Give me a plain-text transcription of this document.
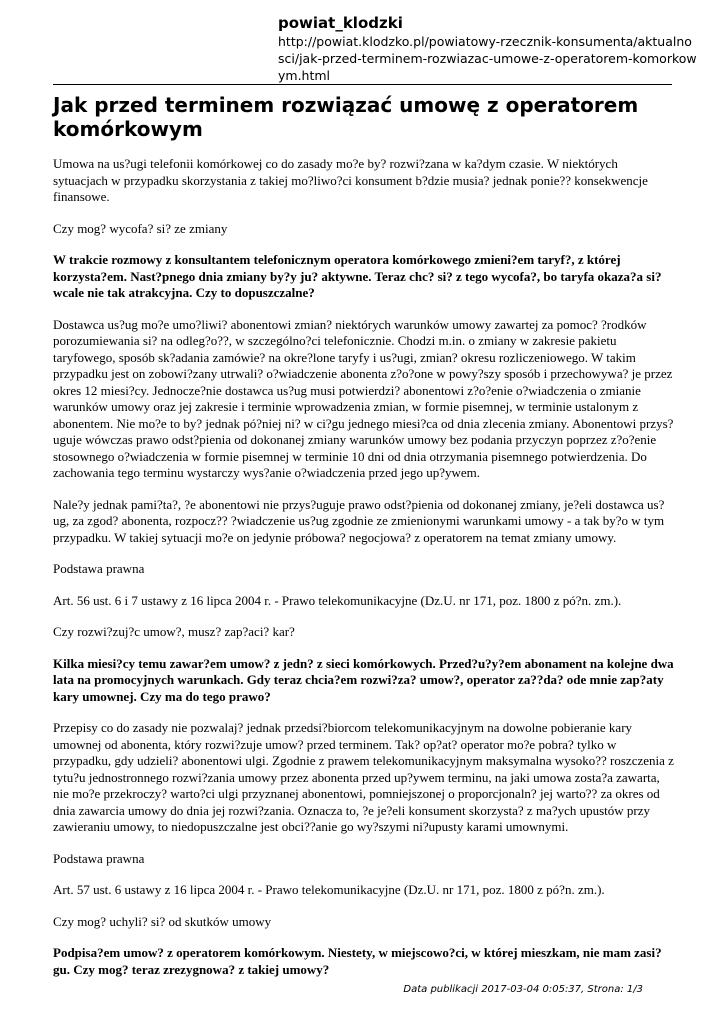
powiat_klodzki
http://powiat.klodzko.pl/powiatowy-rzecznik-konsumenta/aktualnosci/jak-przed-terminem-rozwiazac-umowe-z-operatorem-komorkowym.html
Jak przed terminem rozwiązać umowę z operatorem komórkowym

Umowa na us?ugi telefonii komórkowej co do zasady mo?e by? rozwi?zana w ka?dym czasie. W niektórych sytuacjach w przypadku skorzystania z takiej mo?liwo?ci konsument b?dzie musia? jednak ponie?? konsekwencje finansowe.

Czy mog? wycofa? si? ze zmiany

W trakcie rozmowy z konsultantem telefonicznym operatora komórkowego zmieni?em taryf?, z której korzysta?em. Nast?pnego dnia zmiany by?y ju? aktywne. Teraz chc? si? z tego wycofa?, bo taryfa okaza?a si? wcale nie tak atrakcyjna. Czy to dopuszczalne?

Dostawca us?ug mo?e umo?liwi? abonentowi zmian? niektórych warunków umowy zawartej za pomoc? ?rodków porozumiewania si? na odleg?o??, w szczególno?ci telefonicznie. Chodzi m.in. o zmiany w zakresie pakietu taryfowego, sposób sk?adania zamówie? na okre?lone taryfy i us?ugi, zmian? okresu rozliczeniowego. W takim przypadku jest on zobowi?zany utrwali? o?wiadczenie abonenta z?o?one w powy?szy sposób i przechowywa? je przez okres 12 miesi?cy. Jednocze?nie dostawca us?ug musi potwierdzi? abonentowi z?o?enie o?wiadczenia o zmianie warunków umowy oraz jej zakresie i terminie wprowadzenia zmian, w formie pisemnej, w terminie ustalonym z abonentem. Nie mo?e to by? jednak pó?niej ni? w ci?gu jednego miesi?ca od dnia zlecenia zmiany. Abonentowi przys?uguje wówczas prawo odst?pienia od dokonanej zmiany warunków umowy bez podania przyczyn poprzez z?o?enie stosownego o?wiadczenia w formie pisemnej w terminie 10 dni od dnia otrzymania pisemnego potwierdzenia. Do zachowania tego terminu wystarczy wys?anie o?wiadczenia przed jego up?ywem.

Nale?y jednak pami?ta?, ?e abonentowi nie przys?uguje prawo odst?pienia od dokonanej zmiany, je?eli dostawca us?ug, za zgod? abonenta, rozpocz?? ?wiadczenie us?ug zgodnie ze zmienionymi warunkami umowy - a tak by?o w tym przypadku. W takiej sytuacji mo?e on jedynie próbowa? negocjowa? z operatorem na temat zmiany umowy.

Podstawa prawna

Art. 56 ust. 6 i 7 ustawy z 16 lipca 2004 r. - Prawo telekomunikacyjne (Dz.U. nr 171, poz. 1800 z pó?n. zm.).

Czy rozwi?zuj?c umow?, musz? zap?aci? kar?

Kilka miesi?cy temu zawar?em umow? z jedn? z sieci komórkowych. Przed?u?y?em abonament na kolejne dwa lata na promocyjnych warunkach. Gdy teraz chcia?em rozwi?za? umow?, operator za??da? ode mnie zap?aty kary umownej. Czy ma do tego prawo?

Przepisy co do zasady nie pozwalaj? jednak przedsi?biorcom telekomunikacyjnym na dowolne pobieranie kary umownej od abonenta, który rozwi?zuje umow? przed terminem. Tak? op?at? operator mo?e pobra? tylko w przypadku, gdy udzieli? abonentowi ulgi. Zgodnie z prawem telekomunikacyjnym maksymalna wysoko?? roszczenia z tytu?u jednostronnego rozwi?zania umowy przez abonenta przed up?ywem terminu, na jaki umowa zosta?a zawarta, nie mo?e przekroczy? warto?ci ulgi przyznanej abonentowi, pomniejszonej o proporcjonaln? jej warto?? za okres od dnia zawarcia umowy do dnia jej rozwi?zania. Oznacza to, ?e je?eli konsument skorzysta? z ma?ych upustów przy zawieraniu umowy, to niedopuszczalne jest obci??anie go wy?szymi ni?upusty karami umownymi.

Podstawa prawna

Art. 57 ust. 6 ustawy z 16 lipca 2004 r. - Prawo telekomunikacyjne (Dz.U. nr 171, poz. 1800 z pó?n. zm.).

Czy mog? uchyli? si? od skutków umowy

Podpisa?em umow? z operatorem komórkowym. Niestety, w miejscowo?ci, w której mieszkam, nie mam zasi?gu. Czy mog? teraz zrezygnowa? z takiej umowy?

Data publikacji 2017-03-04 0:05:37, Strona: 1/3
